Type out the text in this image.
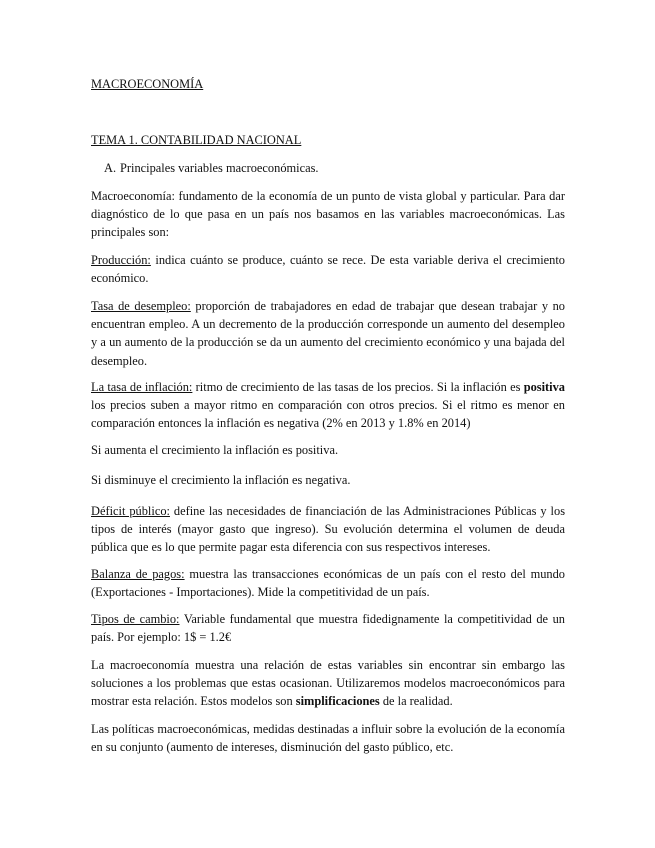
MACROECONOMÍA
TEMA 1. CONTABILIDAD NACIONAL
A. Principales variables macroeconómicas.

Macroeconomía: fundamento de la economía de un punto de vista global y particular. Para dar diagnóstico de lo que pasa en un país nos basamos en las variables macroeconómicas. Las principales son:

Producción: indica cuánto se produce, cuánto se rece. De esta variable deriva el crecimiento económico.

Tasa de desempleo: proporción de trabajadores en edad de trabajar que desean trabajar y no encuentran empleo. A un decremento de la producción corresponde un aumento del desempleo y a un aumento de la producción se da un aumento del crecimiento económico y una bajada del desempleo.

La tasa de inflación: ritmo de crecimiento de las tasas de los precios. Si la inflación es positiva los precios suben a mayor ritmo en comparación con otros precios. Si el ritmo es menor en comparación entonces la inflación es negativa (2% en 2013 y 1.8% en 2014)

Si aumenta el crecimiento la inflación es positiva.

Si disminuye el crecimiento la inflación es negativa.

Déficit público: define las necesidades de financiación de las Administraciones Públicas y los tipos de interés (mayor gasto que ingreso). Su evolución determina el volumen de deuda pública que es lo que permite pagar esta diferencia con sus respectivos intereses.

Balanza de pagos: muestra las transacciones económicas de un país con el resto del mundo (Exportaciones - Importaciones). Mide la competitividad de un país.

Tipos de cambio: Variable fundamental que muestra fidedignamente la competitividad de un país. Por ejemplo: 1$ = 1.2€

La macroeconomía muestra una relación de estas variables sin encontrar sin embargo las soluciones a los problemas que estas ocasionan. Utilizaremos modelos macroeconómicos para mostrar esta relación. Estos modelos son simplificaciones de la realidad.

Las políticas macroeconómicas, medidas destinadas a influir sobre la evolución de la economía en su conjunto (aumento de intereses, disminución del gasto público, etc.
